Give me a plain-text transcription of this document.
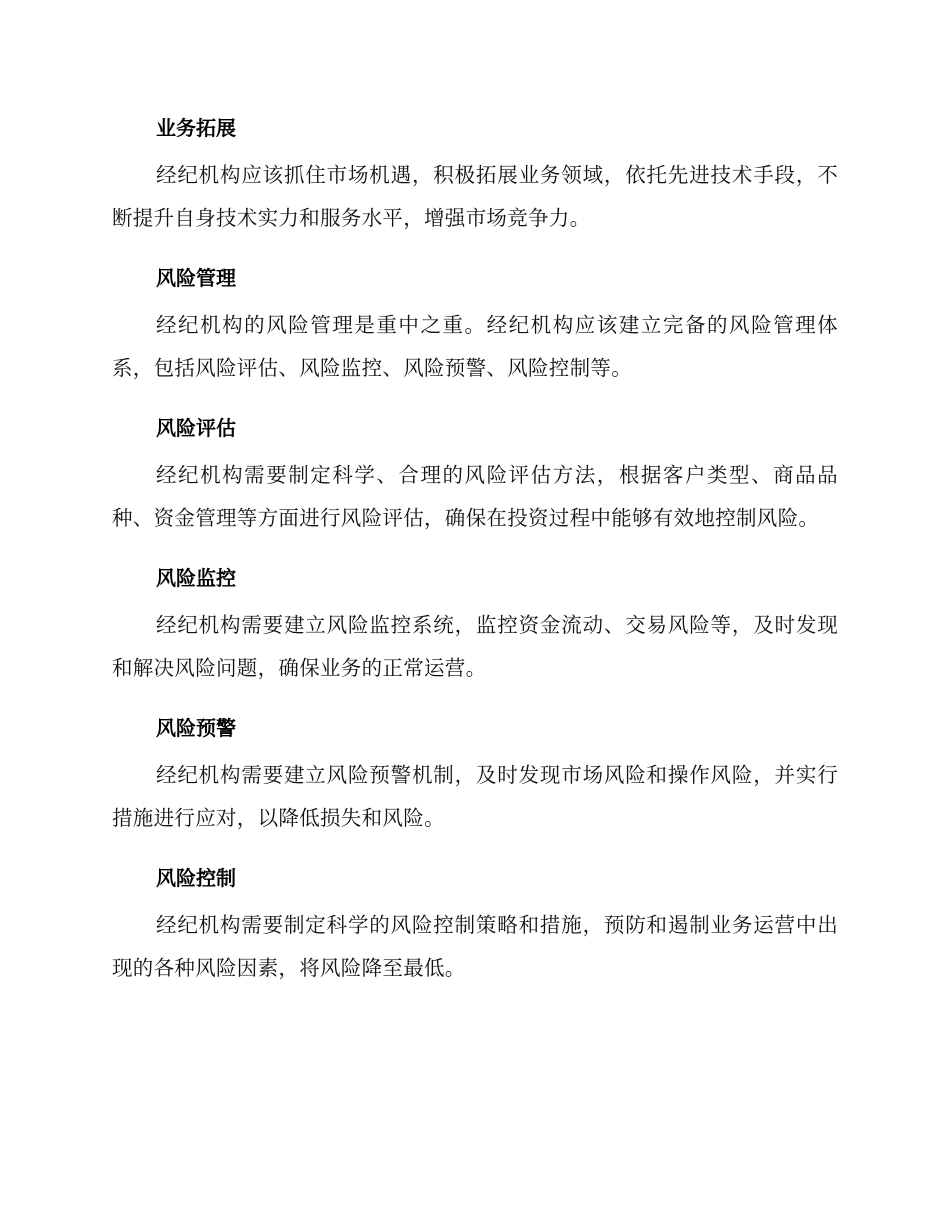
业务拓展

经纪机构应该抓住市场机遇，积极拓展业务领域，依托先进技术手段，不断提升自身技术实力和服务水平，增强市场竞争力。

风险管理

经纪机构的风险管理是重中之重。经纪机构应该建立完备的风险管理体系，包括风险评估、风险监控、风险预警、风险控制等。

风险评估

经纪机构需要制定科学、合理的风险评估方法，根据客户类型、商品品种、资金管理等方面进行风险评估，确保在投资过程中能够有效地控制风险。

风险监控

经纪机构需要建立风险监控系统，监控资金流动、交易风险等，及时发现和解决风险问题，确保业务的正常运营。

风险预警

经纪机构需要建立风险预警机制，及时发现市场风险和操作风险，并实行措施进行应对，以降低损失和风险。

风险控制

经纪机构需要制定科学的风险控制策略和措施，预防和遏制业务运营中出现的各种风险因素，将风险降至最低。
